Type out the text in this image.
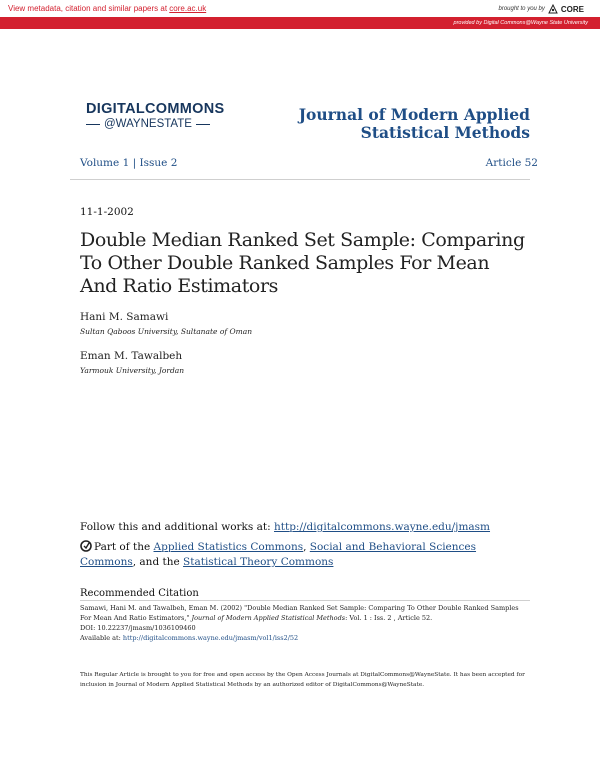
View metadata, citation and similar papers at core.ac.uk	brought to you by CORE
provided by Digital Commons@Wayne State University
DIGITALCOMMONS
@WAYNESTATE	Journal of Modern Applied Statistical Methods
Volume 1 | Issue 2	Article 52
11-1-2002
Double Median Ranked Set Sample: Comparing To Other Double Ranked Samples For Mean And Ratio Estimators
Hani M. Samawi
Sultan Qaboos University, Sultanate of Oman
Eman M. Tawalbeh
Yarmouk University, Jordan
Follow this and additional works at: http://digitalcommons.wayne.edu/jmasm
Part of the Applied Statistics Commons, Social and Behavioral Sciences Commons, and the Statistical Theory Commons
Recommended Citation
Samawi, Hani M. and Tawalbeh, Eman M. (2002) "Double Median Ranked Set Sample: Comparing To Other Double Ranked Samples For Mean And Ratio Estimators," Journal of Modern Applied Statistical Methods: Vol. 1 : Iss. 2 , Article 52.
DOI: 10.22237/jmasm/1036109460
Available at: http://digitalcommons.wayne.edu/jmasm/vol1/iss2/52
This Regular Article is brought to you for free and open access by the Open Access Journals at DigitalCommons@WayneState. It has been accepted for inclusion in Journal of Modern Applied Statistical Methods by an authorized editor of DigitalCommons@WayneState.
